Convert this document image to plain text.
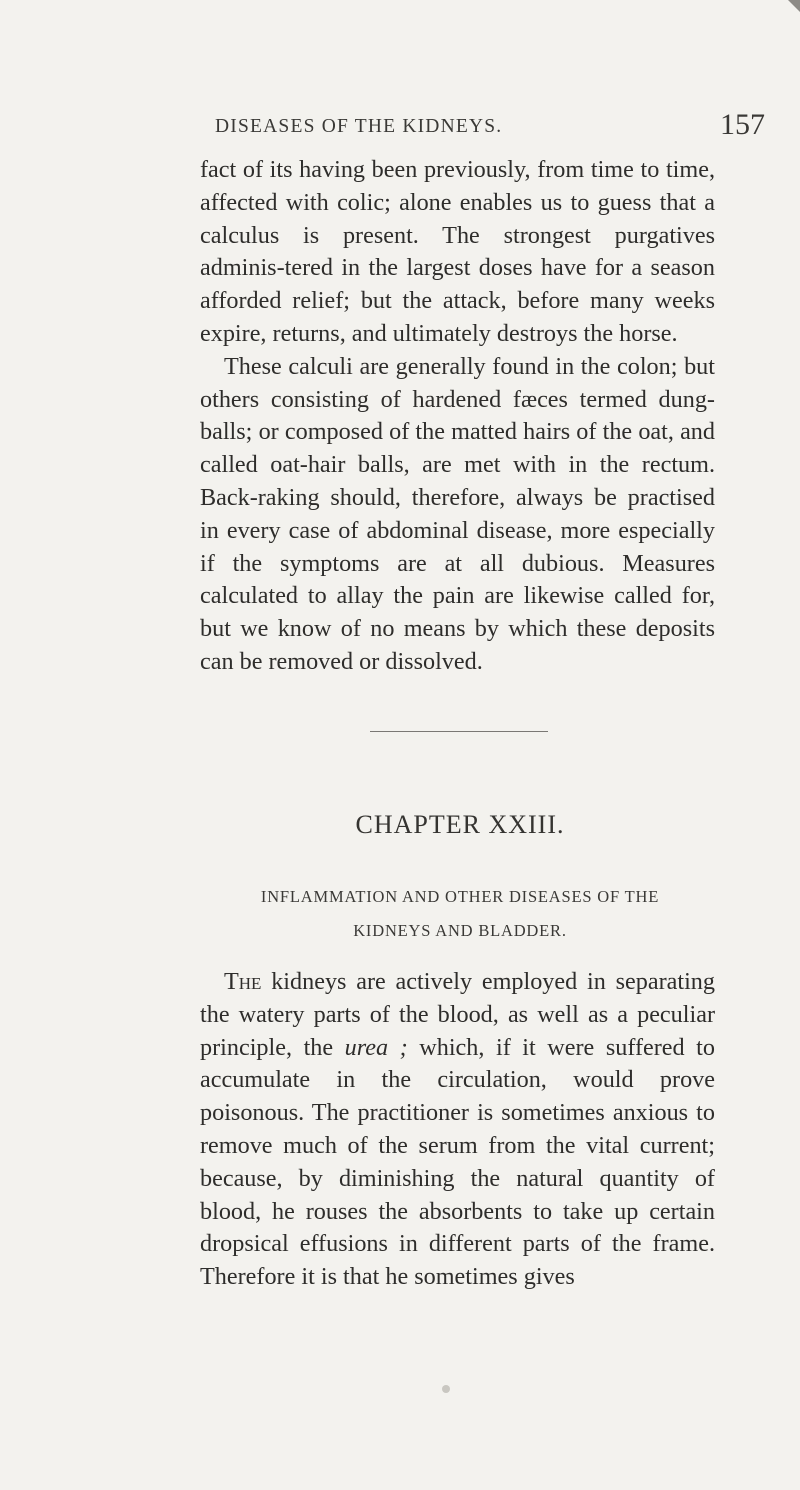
DISEASES OF THE KIDNEYS.	157

fact of its having been previously, from time to time, affected with colic; alone enables us to guess that a calculus is present. The strongest purgatives adminis-tered in the largest doses have for a season afforded relief; but the attack, before many weeks expire, returns, and ultimately destroys the horse.

These calculi are generally found in the colon; but others consisting of hardened fæces termed dung-balls; or composed of the matted hairs of the oat, and called oat-hair balls, are met with in the rectum. Back-raking should, therefore, always be practised in every case of abdominal disease, more especially if the symptoms are at all dubious. Measures calculated to allay the pain are likewise called for, but we know of no means by which these deposits can be removed or dissolved.

CHAPTER XXIII.
INFLAMMATION AND OTHER DISEASES OF THE
KIDNEYS AND BLADDER.

The kidneys are actively employed in separating the watery parts of the blood, as well as a peculiar principle, the urea ; which, if it were suffered to accumulate in the circulation, would prove poisonous. The practitioner is sometimes anxious to remove much of the serum from the vital current; because, by diminishing the natural quantity of blood, he rouses the absorbents to take up certain dropsical effusions in different parts of the frame. Therefore it is that he sometimes gives
